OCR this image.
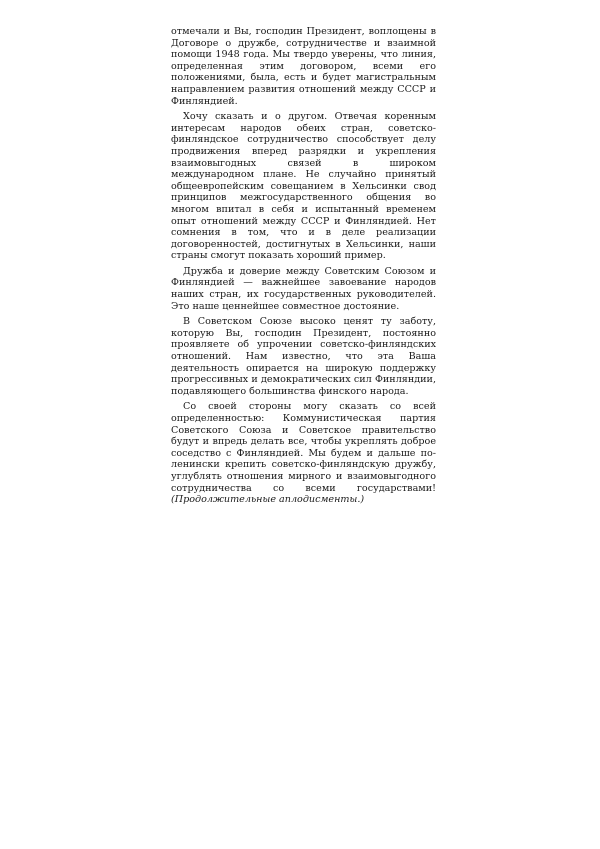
отмечали и Вы, господин Президент, воплощены в Договоре о дружбе, сотрудничестве и взаимной помощи 1948 года. Мы твердо уверены, что линия, определенная этим договором, всеми его положениями, была, есть и будет магистральным направлением развития отношений между СССР и Финляндией.

Хочу сказать и о другом. Отвечая коренным интересам народов обеих стран, советско-финляндское сотрудничество способствует делу продвижения вперед разрядки и укрепления взаимовыгодных связей в широком международном плане. Не случайно принятый общеевропейским совещанием в Хельсинки свод принципов межгосударственного общения во многом впитал в себя и испытанный временем опыт отношений между СССР и Финляндией. Нет сомнения в том, что и в деле реализации договоренностей, достигнутых в Хельсинки, наши страны смогут показать хороший пример.

Дружба и доверие между Советским Союзом и Финляндией — важнейшее завоевание народов наших стран, их государственных руководителей. Это наше ценнейшее совместное достояние.

В Советском Союзе высоко ценят ту заботу, которую Вы, господин Президент, постоянно проявляете об упрочении советско-финляндских отношений. Нам известно, что эта Ваша деятельность опирается на широкую поддержку прогрессивных и демократических сил Финляндии, подавляющего большинства финского народа.

Со своей стороны могу сказать со всей определенностью: Коммунистическая партия Советского Союза и Советское правительство будут и впредь делать все, чтобы укреплять доброе соседство с Финляндией. Мы будем и дальше по-ленински крепить советско-финляндскую дружбу, углублять отношения мирного и взаимовыгодного сотрудничества со всеми государствами! (Продолжительные аплодисменты.)
